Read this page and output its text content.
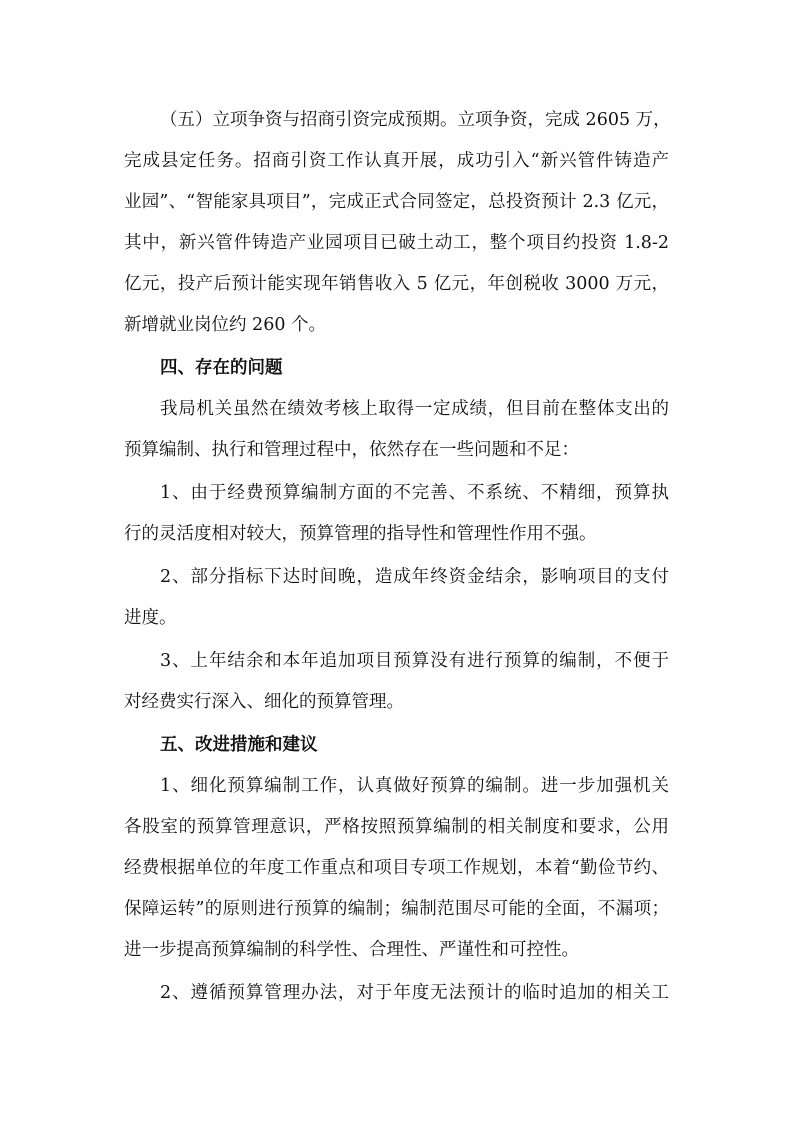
（五）立项争资与招商引资完成预期。立项争资，完成 2605 万，
完成县定任务。招商引资工作认真开展，成功引入“新兴管件铸造产
业园”、“智能家具项目”，完成正式合同签定，总投资预计 2.3 亿元，
其中，新兴管件铸造产业园项目已破土动工，整个项目约投资 1.8-2
亿元，投产后预计能实现年销售收入 5 亿元，年创税收 3000 万元，
新增就业岗位约 260 个。
四、存在的问题
我局机关虽然在绩效考核上取得一定成绩，但目前在整体支出的
预算编制、执行和管理过程中，依然存在一些问题和不足：
1、由于经费预算编制方面的不完善、不系统、不精细，预算执
行的灵活度相对较大，预算管理的指导性和管理性作用不强。
2、部分指标下达时间晚，造成年终资金结余，影响项目的支付
进度。
3、上年结余和本年追加项目预算没有进行预算的编制，不便于
对经费实行深入、细化的预算管理。
五、改进措施和建议
1、细化预算编制工作，认真做好预算的编制。进一步加强机关
各股室的预算管理意识，严格按照预算编制的相关制度和要求，公用
经费根据单位的年度工作重点和项目专项工作规划，本着“勤俭节约、
保障运转”的原则进行预算的编制；编制范围尽可能的全面，不漏项；
进一步提高预算编制的科学性、合理性、严谨性和可控性。
2、遵循预算管理办法，对于年度无法预计的临时追加的相关工
